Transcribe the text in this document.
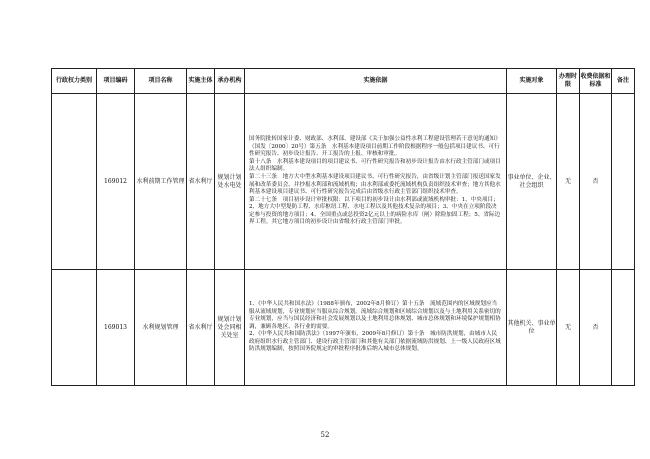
行政权力类别	项目编码	项目名称	实施主体	承办机构	实施依据	实施对象	办理时限	收费依据和标准	备注
	169012	水利前期工作管理	省水利厅	规划计划处水电处	国务院批转国家计委、财政部、水利部、建设部《关于加强公益性水利工程建设管理若干意见的通知》（国发〔2000〕20号）第五条　水利基本建设项目前期工作阶段根据程序一般包括项目建议书、可行性研究报告、初步设计报告、开工报告的上报、审核和审批。

第十八条　水利基本建设项目的项目建议书、可行性研究报告和初步设计报告由水行政主管部门或项目法人组织编制。

第二十三条　地方大中型水利基本建设项目建议书、可行性研究报告，由省级计划主管部门报送国家发展和改革委员会，并抄报水利部和流域机构；由水利部或委托流域机构负责组织技术审查；地方其他水利基本建设项目建议书、可行性研究报告完成后由省级水行政主管部门组织技术审查。

第二十七条　项目初步设计审批权限：以下项目的初步设计由水利部或流域机构审批：1、中央项目；2、地方大中型堤防工程、水库枢纽工程、水电工程以及其他技术复杂的项目；3、中央在立项阶段决定参与投资的地方项目；4、全国重点或总投资2亿元以上的病险水库（闸）除险加固工程；5、省际边界工程。其它地方项目的初步设计由省级水行政主管部门审批。	事业单位、企业、社会组织	无	否	
	169013	水利规划管理	省水利厅	规划计划处会同相关处室	1、《中华人民共和国水法》（1988年颁布，2002年8月修订）第十五条　流域范围内的区域规划应当服从流域规划，专业规划应当服从综合规划。流域综合规划和区域综合规划以及与土地利用关系密切的专业规划，应当与国民经济和社会发展规划以及土地利用总体规划、城市总体规划和环境保护规划相协调，兼顾各地区、各行业的需要。

2、《中华人民共和国防洪法》（1997年颁布，2009年8月修订）第十条　城市防洪规划，由城市人民政府组织水行政主管部门、建设行政主管部门和其他有关部门依据流域防洪规划、上一级人民政府区域防洪规划编制，按照国务院规定的审批程序批准后纳入城市总体规划。	其他机关、事业单位	无	否	
52
